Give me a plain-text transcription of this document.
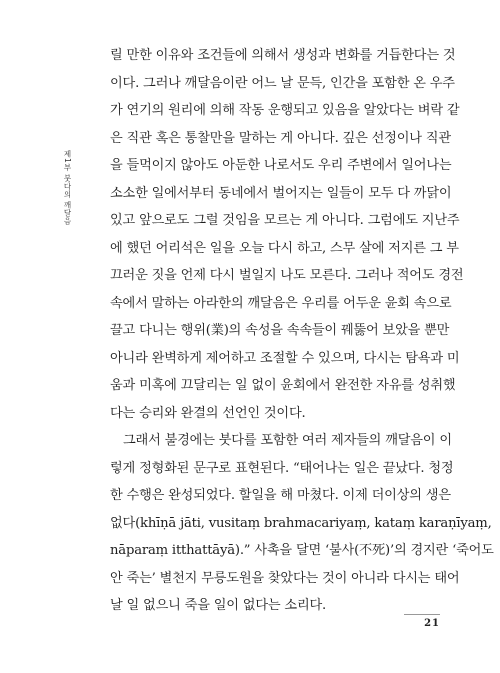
제1부 붓다의 깨달음
릴 만한 이유와 조건들에 의해서 생성과 변화를 거듭한다는 것
이다. 그러나 깨달음이란 어느 날 문득, 인간을 포함한 온 우주
가 연기의 원리에 의해 작동 운행되고 있음을 알았다는 벼락 같
은 직관 혹은 통찰만을 말하는 게 아니다. 깊은 선정이나 직관
을 들먹이지 않아도 아둔한 나로서도 우리 주변에서 일어나는
소소한 일에서부터 동네에서 벌어지는 일들이 모두 다 까닭이
있고 앞으로도 그럴 것임을 모르는 게 아니다. 그럼에도 지난주
에 했던 어리석은 일을 오늘 다시 하고, 스무 살에 저지른 그 부
끄러운 짓을 언제 다시 벌일지 나도 모른다. 그러나 적어도 경전
속에서 말하는 아라한의 깨달음은 우리를 어두운 윤회 속으로
끌고 다니는 행위(業)의 속성을 속속들이 꿰뚫어 보았을 뿐만
아니라 완벽하게 제어하고 조절할 수 있으며, 다시는 탐욕과 미
움과 미혹에 끄달리는 일 없이 윤회에서 완전한 자유를 성취했
다는 승리와 완결의 선언인 것이다.
그래서 불경에는 붓다를 포함한 여러 제자들의 깨달음이 이
렇게 정형화된 문구로 표현된다. “태어나는 일은 끝났다. 청정
한 수행은 완성되었다. 할일을 해 마쳤다. 이제 더이상의 생은
없다(khīṇā jāti, vusitaṃ brahmacariyaṃ, kataṃ karaṇīyaṃ,
nāparaṃ itthattāyā).” 사촉을 달면 ‘불사(不死)’의 경지란 ‘죽어도
안 죽는’ 별천지 무릉도원을 찾았다는 것이 아니라 다시는 태어
날 일 없으니 죽을 일이 없다는 소리다.
21
